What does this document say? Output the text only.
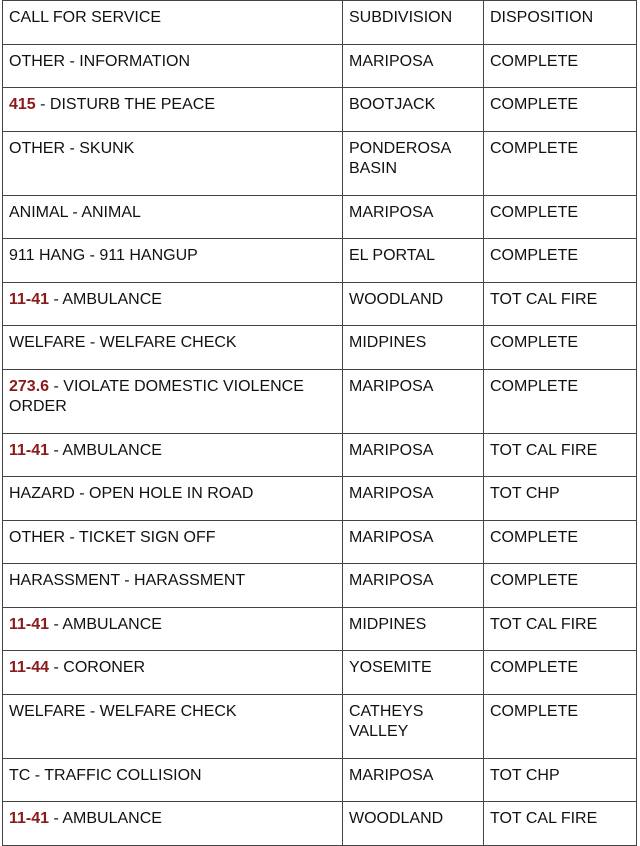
CALL FOR SERVICE	SUBDIVISION	DISPOSITION
OTHER - INFORMATION	MARIPOSA	COMPLETE
415 - DISTURB THE PEACE	BOOTJACK	COMPLETE
OTHER - SKUNK	PONDEROSA BASIN	COMPLETE
ANIMAL - ANIMAL	MARIPOSA	COMPLETE
911 HANG - 911 HANGUP	EL PORTAL	COMPLETE
11-41 - AMBULANCE	WOODLAND	TOT CAL FIRE
WELFARE - WELFARE CHECK	MIDPINES	COMPLETE
273.6 - VIOLATE DOMESTIC VIOLENCE ORDER	MARIPOSA	COMPLETE
11-41 - AMBULANCE	MARIPOSA	TOT CAL FIRE
HAZARD - OPEN HOLE IN ROAD	MARIPOSA	TOT CHP
OTHER - TICKET SIGN OFF	MARIPOSA	COMPLETE
HARASSMENT - HARASSMENT	MARIPOSA	COMPLETE
11-41 - AMBULANCE	MIDPINES	TOT CAL FIRE
11-44 - CORONER	YOSEMITE	COMPLETE
WELFARE - WELFARE CHECK	CATHEYS VALLEY	COMPLETE
TC - TRAFFIC COLLISION	MARIPOSA	TOT CHP
11-41 - AMBULANCE	WOODLAND	TOT CAL FIRE
